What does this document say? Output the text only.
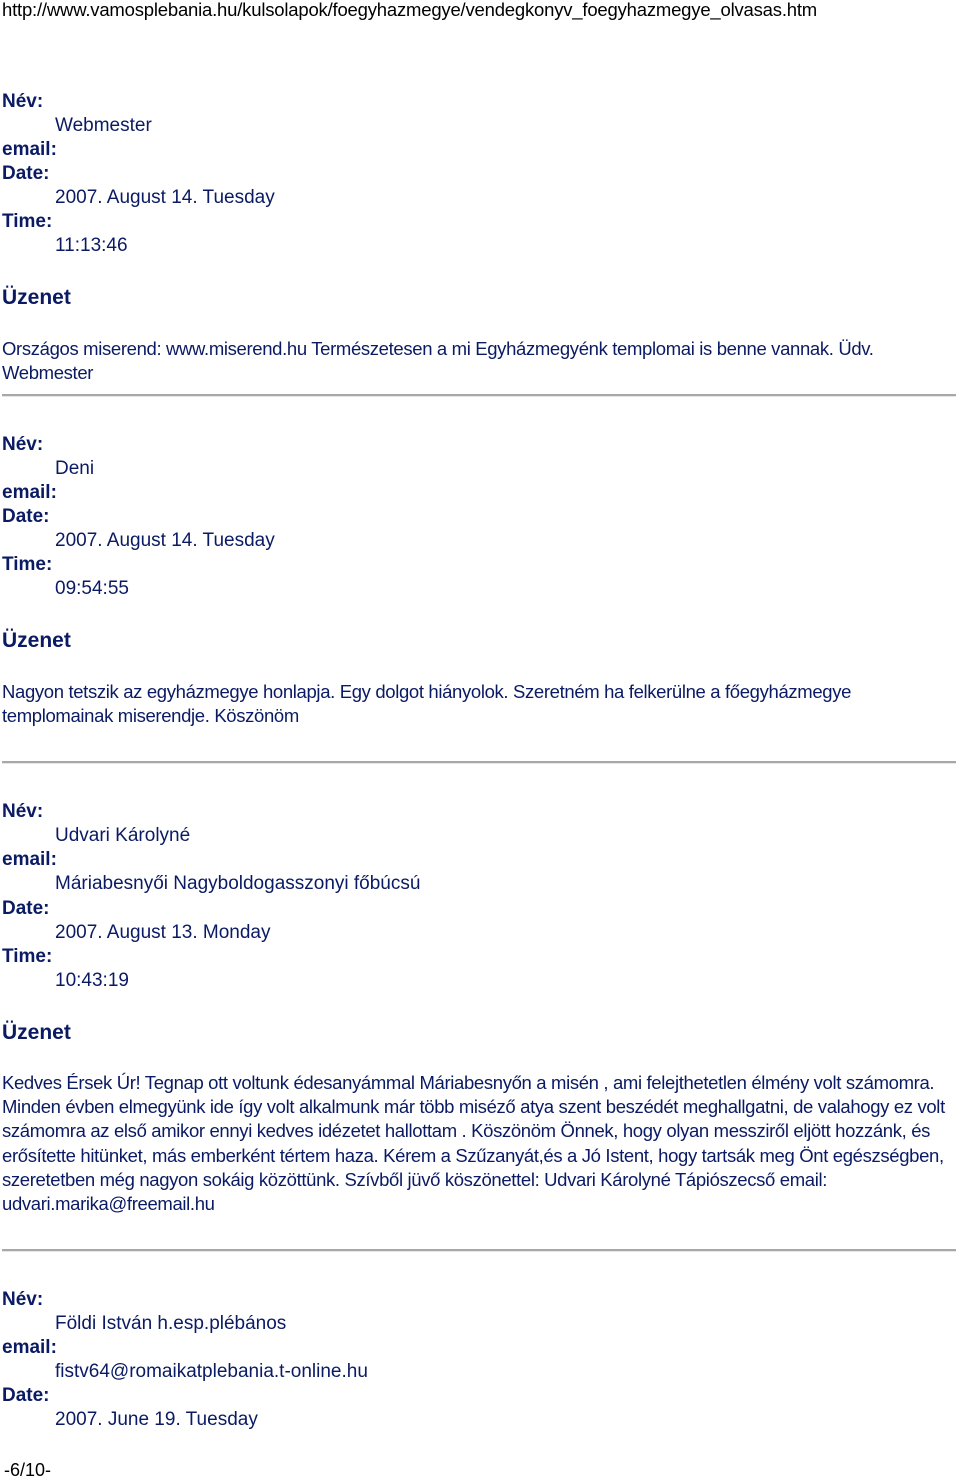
http://www.vamosplebania.hu/kulsolapok/foegyhazmegye/vendegkonyv_foegyhazmegye_olvasas.htm
Név:
Webmester
email:
Date:
2007. August 14. Tuesday
Time:
11:13:46
Üzenet
Országos miserend: www.miserend.hu Természetesen a mi Egyházmegyénk templomai is benne vannak. Üdv. Webmester
Név:
Deni
email:
Date:
2007. August 14. Tuesday
Time:
09:54:55
Üzenet
Nagyon tetszik az egyházmegye honlapja. Egy dolgot hiányolok. Szeretném ha felkerülne a főegyházmegye templomainak miserendje. Köszönöm
Név:
Udvari Károlyné
email:
Máriabesnyői Nagyboldogasszonyi főbúcsú
Date:
2007. August 13. Monday
Time:
10:43:19
Üzenet
Kedves Érsek Úr! Tegnap ott voltunk édesanyámmal Máriabesnyőn a misén , ami felejthetetlen élmény volt számomra. Minden évben elmegyünk ide így volt alkalmunk már több miséző atya szent beszédét meghallgatni, de valahogy ez volt számomra az első amikor ennyi kedves idézetet hallottam . Köszönöm Önnek, hogy olyan messziről eljött hozzánk, és erősítette hitünket, más emberként tértem haza. Kérem a Szűzanyát,és a Jó Istent, hogy tartsák meg Önt egészségben, szeretetben még nagyon sokáig közöttünk. Szívből jüvő köszönettel: Udvari Károlyné Tápiószecső email: udvari.marika@freemail.hu
Név:
Földi István h.esp.plébános
email:
fistv64@romaikatplebania.t-online.hu
Date:
2007. June 19. Tuesday
-6/10-
